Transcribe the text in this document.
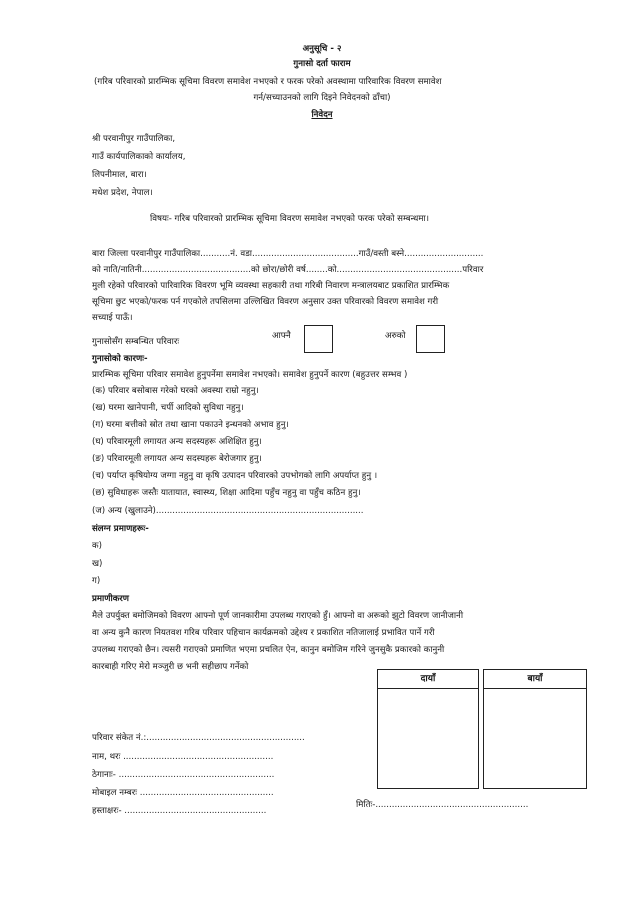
अनुसूचि - २
गुनासो दर्ता फाराम
(गरिब परिवारको प्रारम्भिक सूचिमा विवरण समावेश नभएको र फरक परेको अवस्थामा पारिवारिक विवरण समावेश
गर्न/सच्याउनको लागि दिइने निवेदनको ढाँचा)
निवेदन
श्री परवानीपुर गाउँपालिका,
गाउँ कार्यपालिकाको कार्यालय,
लिपनीमाल, बारा।
मधेश प्रदेश, नेपाल।
विषयः- गरिब परिवारको प्रारम्भिक सूचिमा विवरण समावेश नभएको फरक परेको सम्बन्धमा।
बारा जिल्ला परवानीपुर गाउँपालिका...........नं. वडा.......................................गाउँ/वस्ती बस्ने.............................
को नाति/नातिनी........................................को छोरा/छोरी वर्ष........को..............................................परिवार
मुली रहेको परिवारको पारिवारिक विवरण भूमि व्यवस्था सहकारी तथा गरिबी निवारण मन्त्रालयबाट प्रकाशित प्रारम्भिक
सूचिमा छुट भएको/फरक पर्न गएकोले तपसिलमा उल्लिखित विवरण अनुसार उक्त परिवारको विवरण समावेश गरी
सच्याई पाऊँ।
गुनासोसँग सम्बन्धित परिवारः
आफ्नै	अरुको
गुनासोको कारणः-
प्रारम्भिक सूचिमा परिवार समावेश हुनुपर्नेमा समावेश नभएको। समावेश हुनुपर्ने कारण (बहुउत्तर सम्भव )
(क) परिवार बसोबास गरेको घरको अवस्था राम्रो नहुनु।
(ख) घरमा खानेपानी, चर्पी आदिको सुविधा नहुनु।
(ग) घरमा बत्तीको स्रोत तथा खाना पकाउने इन्धनको अभाव हुनु।
(घ) परिवारमूली लगायत अन्य सदस्यहरू अशिक्षित हुनु।
(ङ) परिवारमूली लगायत अन्य सदस्यहरू बेरोजगार हुनु।
(च) पर्याप्त कृषियोग्य जग्गा नहुनु वा कृषि उत्पादन परिवारको उपभोगको लागि अपर्याप्त हुनु ।
(छ) सुविधाहरू जस्तैः यातायात, स्वास्थ्य, शिक्षा आदिमा पहुँच नहुनु वा पहुँच कठिन हुनु।
(ज) अन्य (खुलाउने)............................................................................
संलग्न प्रमाणहरूः-
क)
ख)
ग)
प्रमाणीकरण
मैले उपर्युक्त बमोजिमको विवरण आफ्नो पूर्ण जानकारीमा उपलब्ध गराएको हुँ। आफ्नो वा अरूको झुटो विवरण जानीजानी
वा अन्य कुनै कारण नियतवश गरिब परिवार पहिचान कार्यक्रमको उद्देश्य र प्रकाशित नतिजालाई प्रभावित पार्ने गरी
उपलब्ध गराएको छैन। त्यसरी गराएको प्रमाणित भएमा प्रचलित ऐन, कानुन बमोजिम गरिने जुनसुकै प्रकारको कानुनी
कारबाही गरिए मेरो मञ्जुरी छ भनी सहीछाप गर्नेको
दायाँ	बायाँ
परिवार संकेत नं.:..........................................................
नाम, थरः .......................................................
ठेगानाः- .........................................................
मोबाइल नम्बरः .................................................
हस्ताक्षरः- ....................................................
मितिः-........................................................
